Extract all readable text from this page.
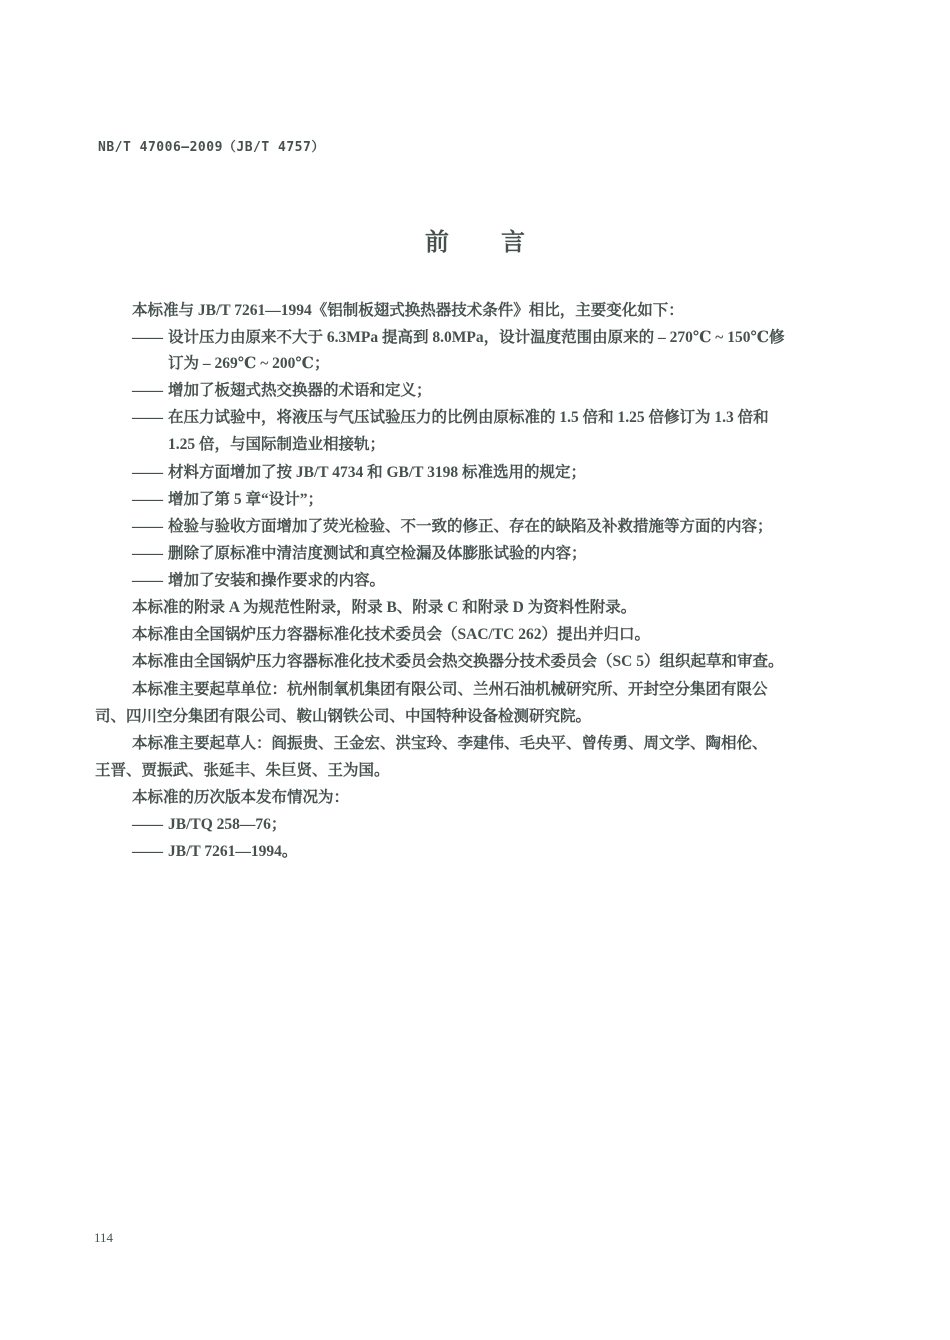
NB/T 47006—2009（JB/T 4757）
前言
本标准与 JB/T 7261—1994《铝制板翅式换热器技术条件》相比，主要变化如下：
—— 设计压力由原来不大于 6.3MPa 提高到 8.0MPa，设计温度范围由原来的 – 270℃ ~ 150℃修
订为 – 269℃ ~ 200℃；
—— 增加了板翅式热交换器的术语和定义；
—— 在压力试验中，将液压与气压试验压力的比例由原标准的 1.5 倍和 1.25 倍修订为 1.3 倍和
1.25 倍，与国际制造业相接轨；
—— 材料方面增加了按 JB/T 4734 和 GB/T 3198 标准选用的规定；
—— 增加了第 5 章“设计”；
—— 检验与验收方面增加了荧光检验、不一致的修正、存在的缺陷及补救措施等方面的内容；
—— 删除了原标准中清洁度测试和真空检漏及体膨胀试验的内容；
—— 增加了安装和操作要求的内容。
本标准的附录 A 为规范性附录，附录 B、附录 C 和附录 D 为资料性附录。
本标准由全国锅炉压力容器标准化技术委员会（SAC/TC 262）提出并归口。
本标准由全国锅炉压力容器标准化技术委员会热交换器分技术委员会（SC 5）组织起草和审查。
本标准主要起草单位：杭州制氧机集团有限公司、兰州石油机械研究所、开封空分集团有限公
司、四川空分集团有限公司、鞍山钢铁公司、中国特种设备检测研究院。
本标准主要起草人：阎振贵、王金宏、洪宝玲、李建伟、毛央平、曾传勇、周文学、陶相伦、
王晋、贾振武、张延丰、朱巨贤、王为国。
本标准的历次版本发布情况为：
—— JB/TQ 258—76；
—— JB/T 7261—1994。
114
